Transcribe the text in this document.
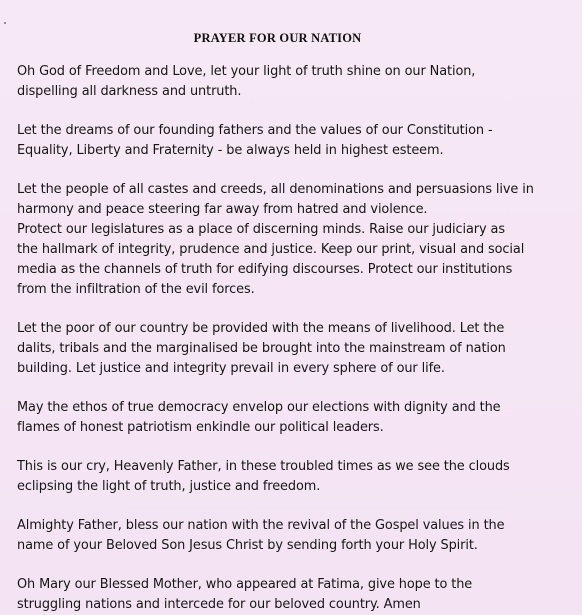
PRAYER FOR OUR NATION

Oh God of Freedom and Love, let your light of truth shine on our Nation,
dispelling all darkness and untruth.

Let the dreams of our founding fathers and the values of our Constitution -
Equality, Liberty and Fraternity - be always held in highest esteem.

Let the people of all castes and creeds, all denominations and persuasions live in
harmony and peace steering far away from hatred and violence.

Protect our legislatures as a place of discerning minds. Raise our judiciary as
the hallmark of integrity, prudence and justice. Keep our print, visual and social
media as the channels of truth for edifying discourses. Protect our institutions
from the infiltration of the evil forces.

Let the poor of our country be provided with the means of livelihood. Let the
dalits, tribals and the marginalised be brought into the mainstream of nation
building. Let justice and integrity prevail in every sphere of our life.

May the ethos of true democracy envelop our elections with dignity and the
flames of honest patriotism enkindle our political leaders.

This is our cry, Heavenly Father, in these troubled times as we see the clouds
eclipsing the light of truth, justice and freedom.

Almighty Father, bless our nation with the revival of the Gospel values in the
name of your Beloved Son Jesus Christ by sending forth your Holy Spirit.

Oh Mary our Blessed Mother, who appeared at Fatima, give hope to the
struggling nations and intercede for our beloved country. Amen
